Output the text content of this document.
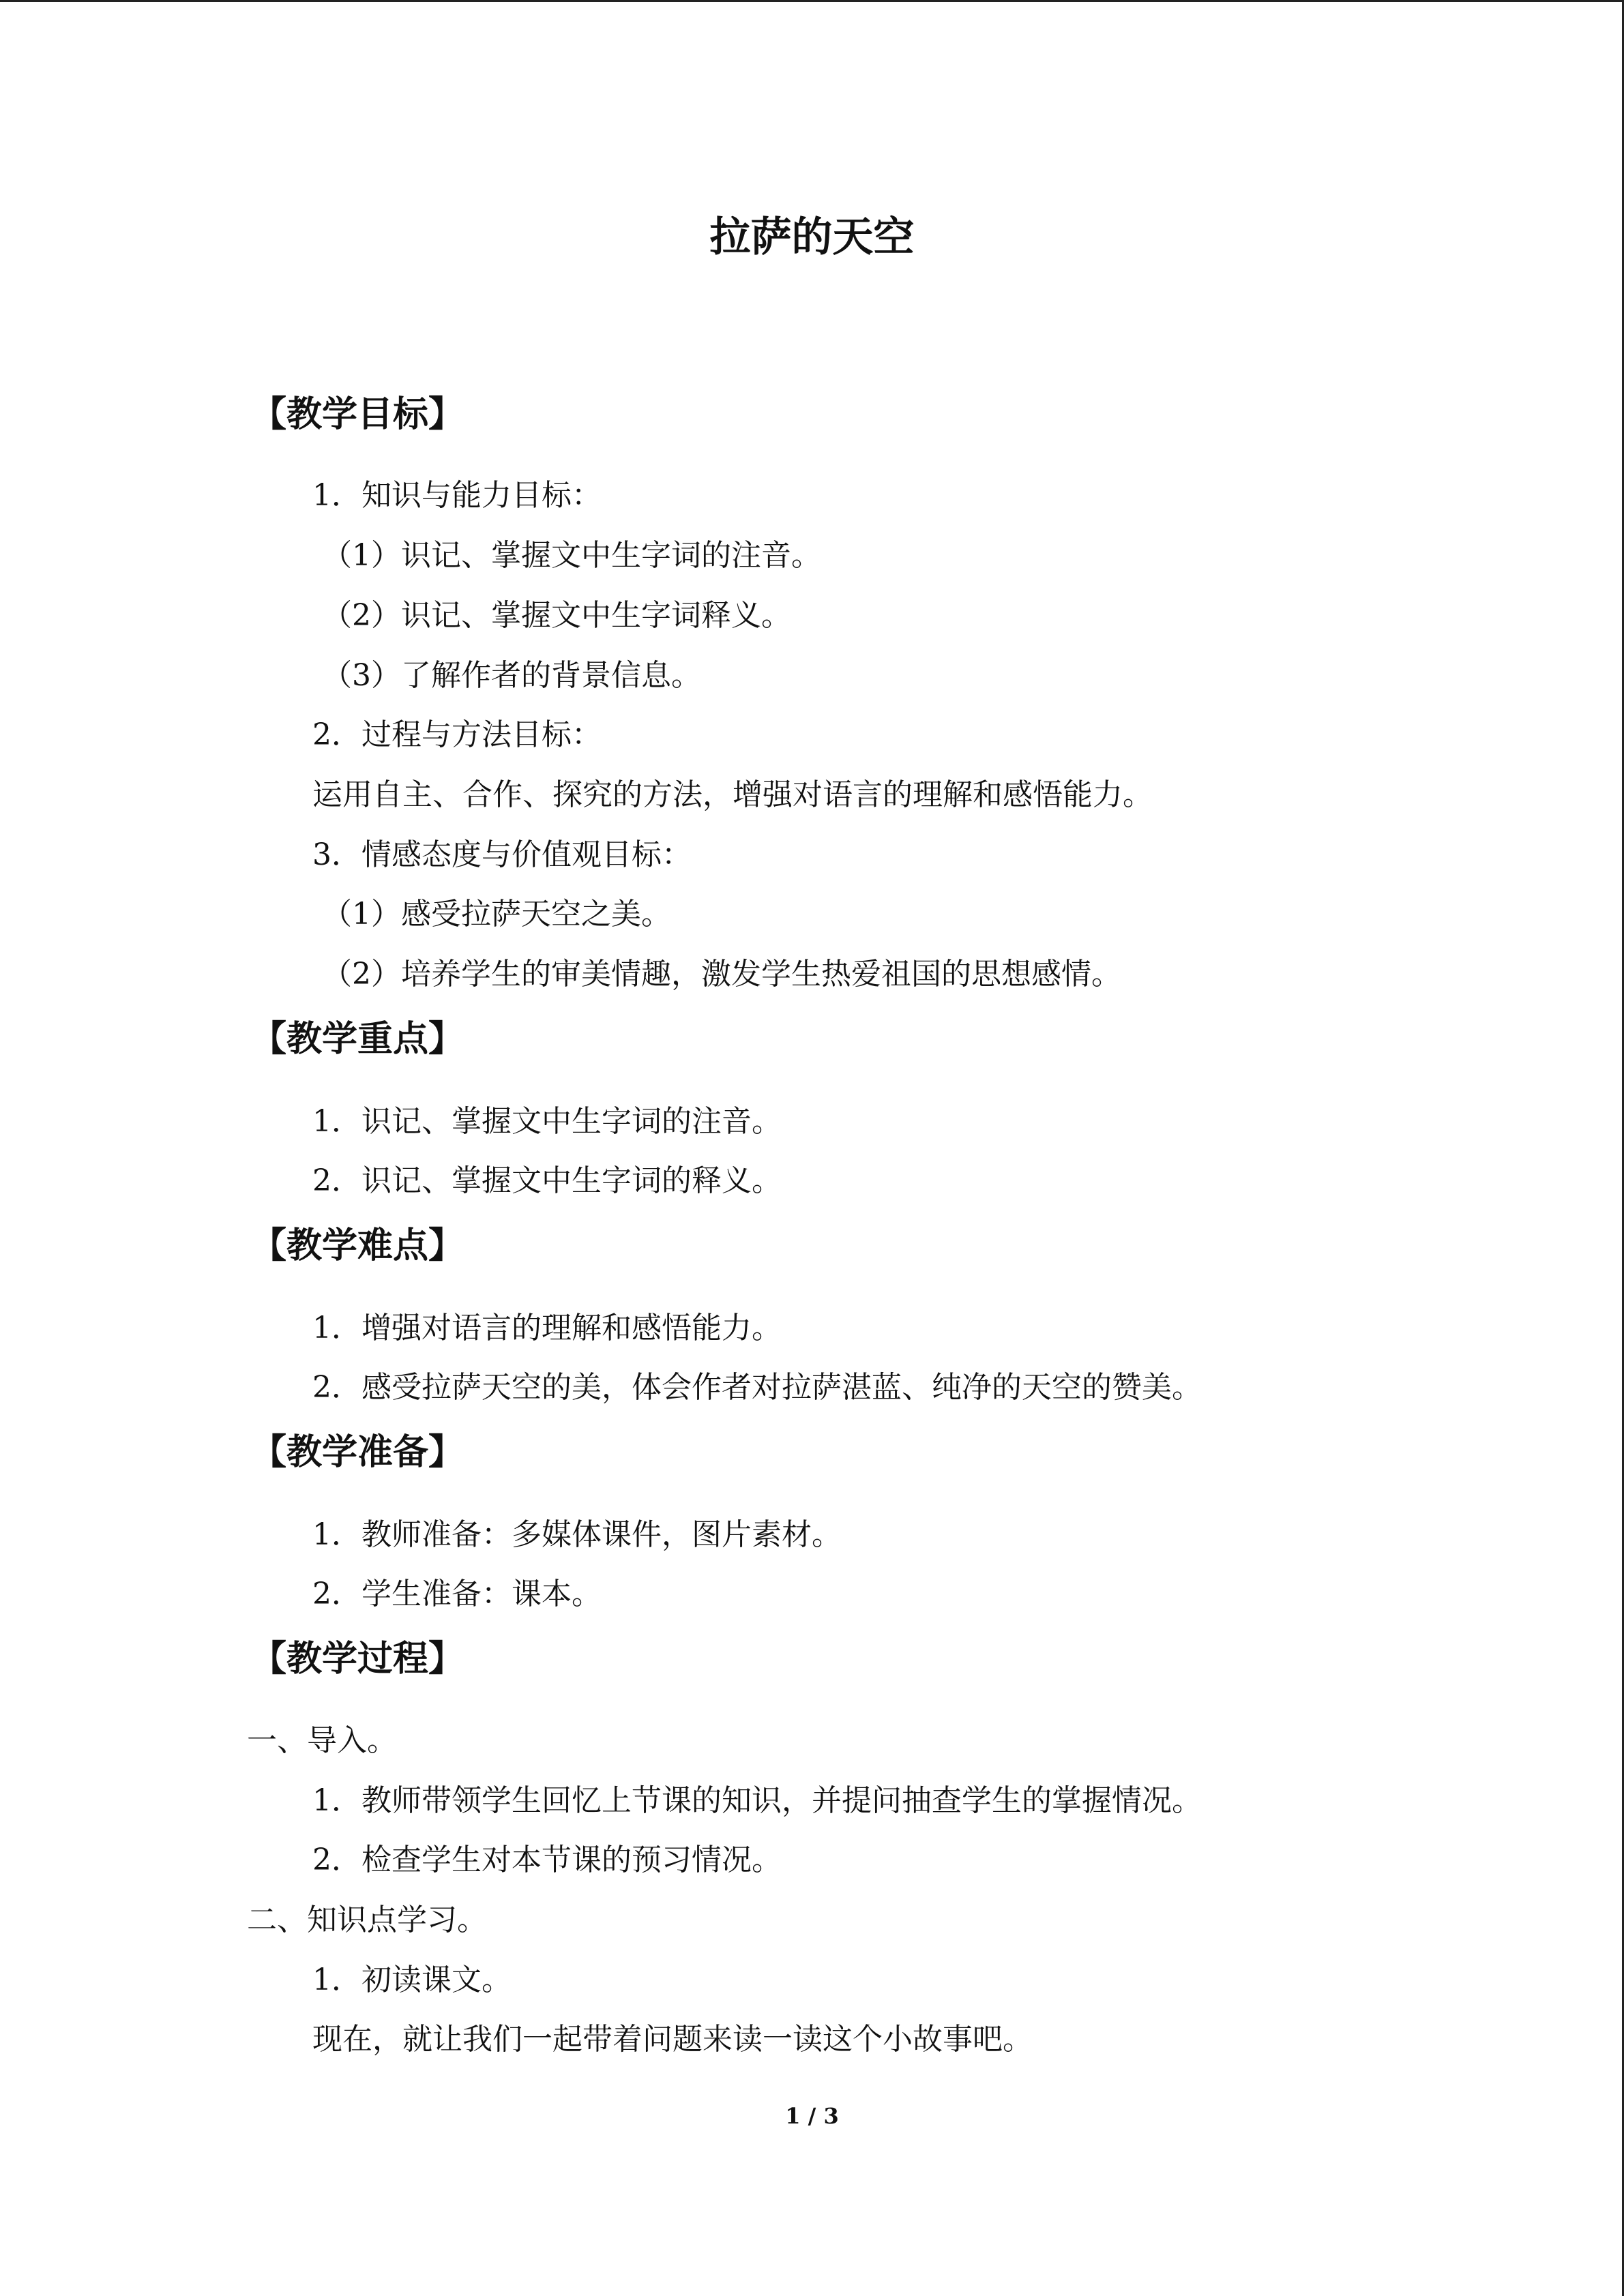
拉萨的天空
【教学目标】
1．知识与能力目标：
（1）识记、掌握文中生字词的注音。
（2）识记、掌握文中生字词释义。
（3）了解作者的背景信息。
2．过程与方法目标：
运用自主、合作、探究的方法，增强对语言的理解和感悟能力。
3．情感态度与价值观目标：
（1）感受拉萨天空之美。
（2）培养学生的审美情趣，激发学生热爱祖国的思想感情。
【教学重点】
1．识记、掌握文中生字词的注音。
2．识记、掌握文中生字词的释义。
【教学难点】
1．增强对语言的理解和感悟能力。
2．感受拉萨天空的美，体会作者对拉萨湛蓝、纯净的天空的赞美。
【教学准备】
1．教师准备：多媒体课件，图片素材。
2．学生准备：课本。
【教学过程】
一、导入。
1．教师带领学生回忆上节课的知识，并提问抽查学生的掌握情况。
2．检查学生对本节课的预习情况。
二、知识点学习。
1．初读课文。
现在，就让我们一起带着问题来读一读这个小故事吧。
1 / 3
